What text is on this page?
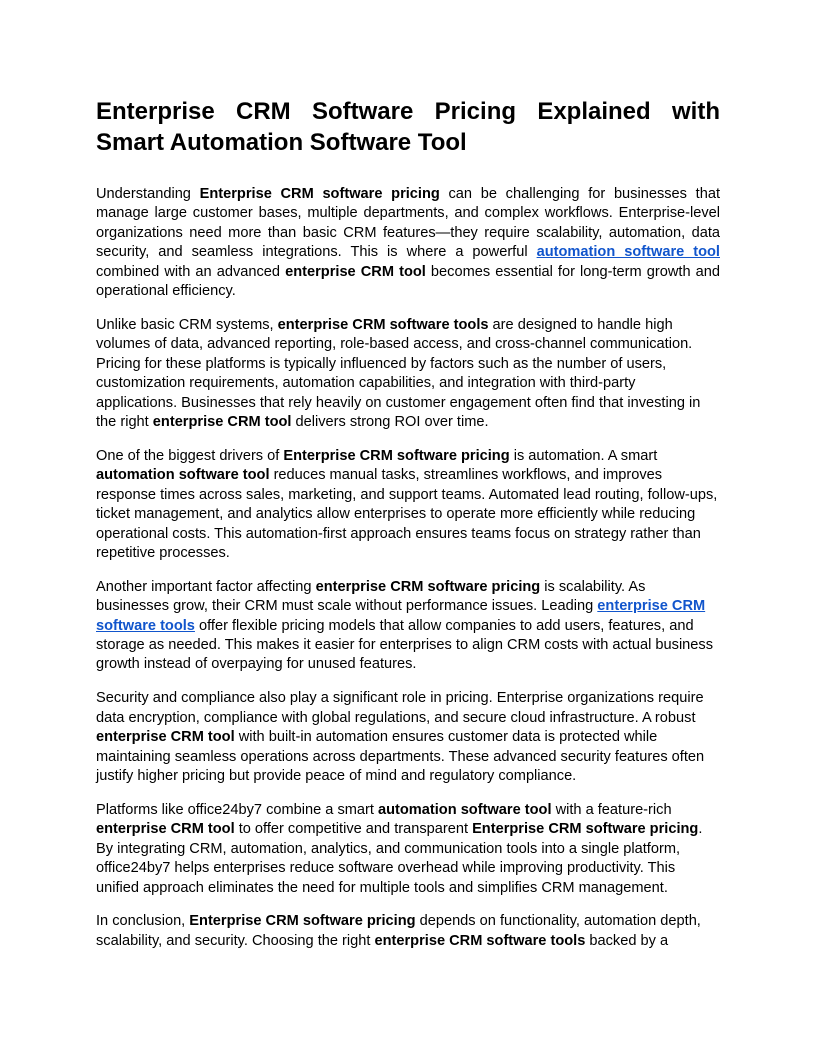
Enterprise CRM Software Pricing Explained with Smart Automation Software Tool

Understanding Enterprise CRM software pricing can be challenging for businesses that manage large customer bases, multiple departments, and complex workflows. Enterprise-level organizations need more than basic CRM features—they require scalability, automation, data security, and seamless integrations. This is where a powerful automation software tool combined with an advanced enterprise CRM tool becomes essential for long-term growth and operational efficiency.

Unlike basic CRM systems, enterprise CRM software tools are designed to handle high volumes of data, advanced reporting, role-based access, and cross-channel communication. Pricing for these platforms is typically influenced by factors such as the number of users, customization requirements, automation capabilities, and integration with third-party applications. Businesses that rely heavily on customer engagement often find that investing in the right enterprise CRM tool delivers strong ROI over time.

One of the biggest drivers of Enterprise CRM software pricing is automation. A smart automation software tool reduces manual tasks, streamlines workflows, and improves response times across sales, marketing, and support teams. Automated lead routing, follow-ups, ticket management, and analytics allow enterprises to operate more efficiently while reducing operational costs. This automation-first approach ensures teams focus on strategy rather than repetitive processes.

Another important factor affecting enterprise CRM software pricing is scalability. As businesses grow, their CRM must scale without performance issues. Leading enterprise CRM software tools offer flexible pricing models that allow companies to add users, features, and storage as needed. This makes it easier for enterprises to align CRM costs with actual business growth instead of overpaying for unused features.

Security and compliance also play a significant role in pricing. Enterprise organizations require data encryption, compliance with global regulations, and secure cloud infrastructure. A robust enterprise CRM tool with built-in automation ensures customer data is protected while maintaining seamless operations across departments. These advanced security features often justify higher pricing but provide peace of mind and regulatory compliance.

Platforms like office24by7 combine a smart automation software tool with a feature-rich enterprise CRM tool to offer competitive and transparent Enterprise CRM software pricing. By integrating CRM, automation, analytics, and communication tools into a single platform, office24by7 helps enterprises reduce software overhead while improving productivity. This unified approach eliminates the need for multiple tools and simplifies CRM management.

In conclusion, Enterprise CRM software pricing depends on functionality, automation depth, scalability, and security. Choosing the right enterprise CRM software tools backed by a
